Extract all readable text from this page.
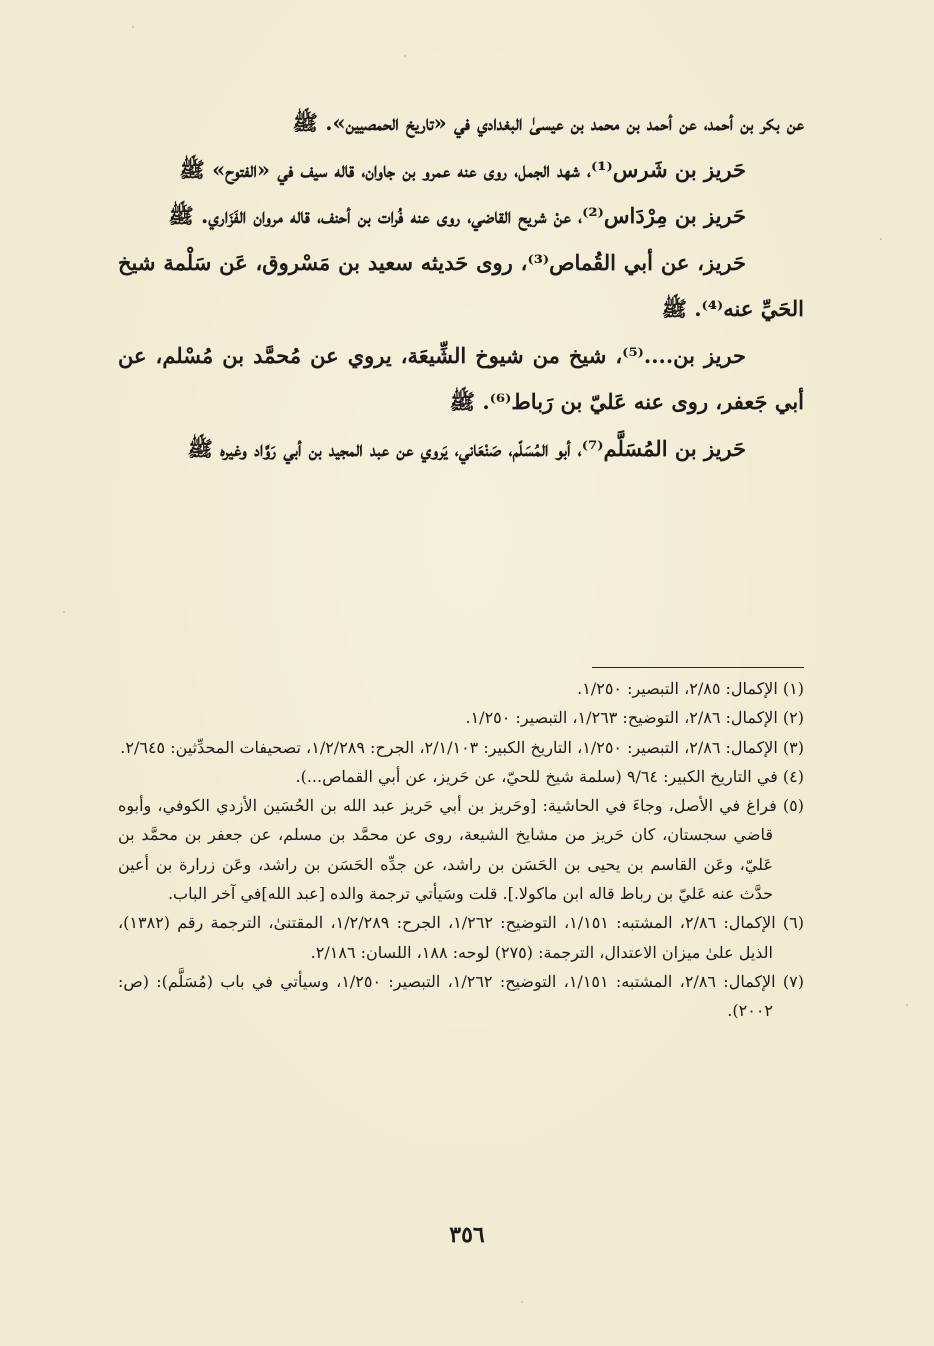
عن بكر بن أحمد، عن أحمد بن محمد بن عيسىٰ البغدادي في «تاريخ الحمصيين». ﷺ

حَريز بن شَرس⁽¹⁾، شهد الجمل، روى عنه عمرو بن جاوان، قاله سيف في «الفتوح» ﷺ

حَريز بن مِرْدَاس⁽²⁾، عنْ شريح القاضي، روى عنه فُرات بن أحنف، قاله مروان الفَزَاري. ﷺ

حَريز، عن أبي القُماص⁽³⁾، روى حَديثه سعيد بن مَسْروق، عَن سَلْمة شيخ الحَيِّ عنه⁽⁴⁾. ﷺ

حريز بن....⁽⁵⁾، شيخ من شيوخ الشِّيعَة، يروي عن مُحمَّد بن مُسْلم، عن أبي جَعفر، روى عنه عَليّ بن رَباط⁽⁶⁾. ﷺ

حَريز بن المُسَلَّم⁽⁷⁾، أبو المُسَلّم، صَنْعَاني، يَروي عن عبد المجيد بن أبي رَوَّاد وغيره ﷺ

(١) الإكمال: ٢/٨٥، التبصير: ١/٢٥٠.

(٢) الإكمال: ٢/٨٦، التوضيح: ١/٢٦٣، التبصير: ١/٢٥٠.

(٣) الإكمال: ٢/٨٦، التبصير: ١/٢٥٠، التاريخ الكبير: ٢/١/١٠٣، الجرح: ١/٢/٢٨٩، تصحيفات المحدِّثين: ٢/٦٤٥.

(٤) في التاريخ الكبير: ٩/٦٤ (سلمة شيخ للحيّ، عن حَريز، عن أبي القماص...).

(٥) فراغ في الأصل، وجاءَ في الحاشية: [وحَريز بن أبي حَريز عبد الله بن الحُسَين الأزدي الكوفي، وأبوه قاضي سجستان، كان حَريز من مشايخ الشيعة، روى عن محمَّد بن مسلم، عن جعفر بن محمَّد بن عَليّ، وعَن القاسم بن يحيى بن الحَسَن بن راشد، عن جدِّه الحَسَن بن راشد، وعَن زرارة بن أعين حدَّث عنه عَليّ بن رباط قاله ابن ماكولا.]. قلت وسَيأتي ترجمة والده [عبد الله]في آخر الباب.

(٦) الإكمال: ٢/٨٦، المشتبه: ١/١٥١، التوضيح: ١/٢٦٢، الجرح: ١/٢/٢٨٩، المقتنىٰ، الترجمة رقم (١٣٨٢)، الذيل علىٰ ميزان الاعتدال، الترجمة: (٢٧٥) لوحه: ١٨٨، اللسان: ٢/١٨٦.

(٧) الإكمال: ٢/٨٦، المشتبه: ١/١٥١، التوضيح: ١/٢٦٢، التبصير: ١/٢٥٠، وسيأتي في باب (مُسَلَّم): (ص: ٢٠٠٢).

٣٥٦
